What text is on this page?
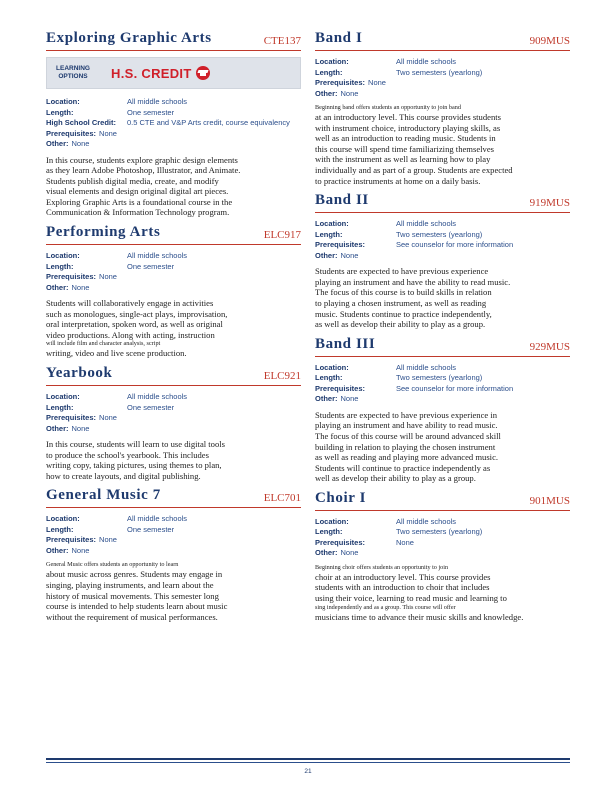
Exploring Graphic Arts	CTE137
LEARNING OPTIONS	H.S. CREDIT
Location:	All middle schools
Length:	One semester
High School Credit:	0.5 CTE and V&P Arts credit, course equivalency
Prerequisites: None
Other: None
In this course, students explore graphic design elements
as they learn Adobe Photoshop, Illustrator, and Animate.
Students publish digital media, create, and modify
visual elements and design original digital art pieces.
Exploring Graphic Arts is a foundational course in the
Communication & Information Technology program.
Performing Arts	ELC917
Location:	All middle schools
Length:	One semester
Prerequisites: None
Other: None
Students will collaboratively engage in activities
such as monologues, single-act plays, improvisation,
oral interpretation, spoken word, as well as original
video productions. Along with acting, instruction
will include film and character analysis, script
writing, video and live scene production.
Yearbook	ELC921
Location:	All middle schools
Length:	One semester
Prerequisites: None
Other: None
In this course, students will learn to use digital tools
to produce the school's yearbook. This includes
writing copy, taking pictures, using themes to plan,
how to create layouts, and digital publishing.
General Music 7	ELC701
Location:	All middle schools
Length:	One semester
Prerequisites: None
Other: None
General Music offers students an opportunity to learn
about music across genres. Students may engage in
singing, playing instruments, and learn about the
history of musical movements. This semester long
course is intended to help students learn about music
without the requirement of musical performances.
Band I	909MUS
Location:	All middle schools
Length:	Two semesters (yearlong)
Prerequisites: None
Other: None
Beginning band offers students an opportunity to join band
at an introductory level. This course provides students
with instrument choice, introductory playing skills, as
well as an introduction to reading music. Students in
this course will spend time familiarizing themselves
with the instrument as well as learning how to play
individually and as part of a group. Students are expected
to practice instruments at home on a daily basis.
Band II	919MUS
Location:	All middle schools
Length:	Two semesters (yearlong)
Prerequisites:	See counselor for more information
Other: None
Students are expected to have previous experience
playing an instrument and have the ability to read music.
The focus of this course is to build skills in relation
to playing a chosen instrument, as well as reading
music. Students continue to practice independently,
as well as develop their ability to play as a group.
Band III	929MUS
Location:	All middle schools
Length:	Two semesters (yearlong)
Prerequisites:	See counselor for more information
Other: None
Students are expected to have previous experience in
playing an instrument and have ability to read music.
The focus of this course will be around advanced skill
building in relation to playing the chosen instrument
as well as reading and playing more advanced music.
Students will continue to practice independently as
well as develop their ability to play as a group.
Choir I	901MUS
Location:	All middle schools
Length:	Two semesters (yearlong)
Prerequisites:	None
Other: None
Beginning choir offers students an opportunity to join
choir at an introductory level. This course provides
students with an introduction to choir that includes
using their voice, learning to read music and learning to
sing independently and as a group. This course will offer
musicians time to advance their music skills and knowledge.
21
